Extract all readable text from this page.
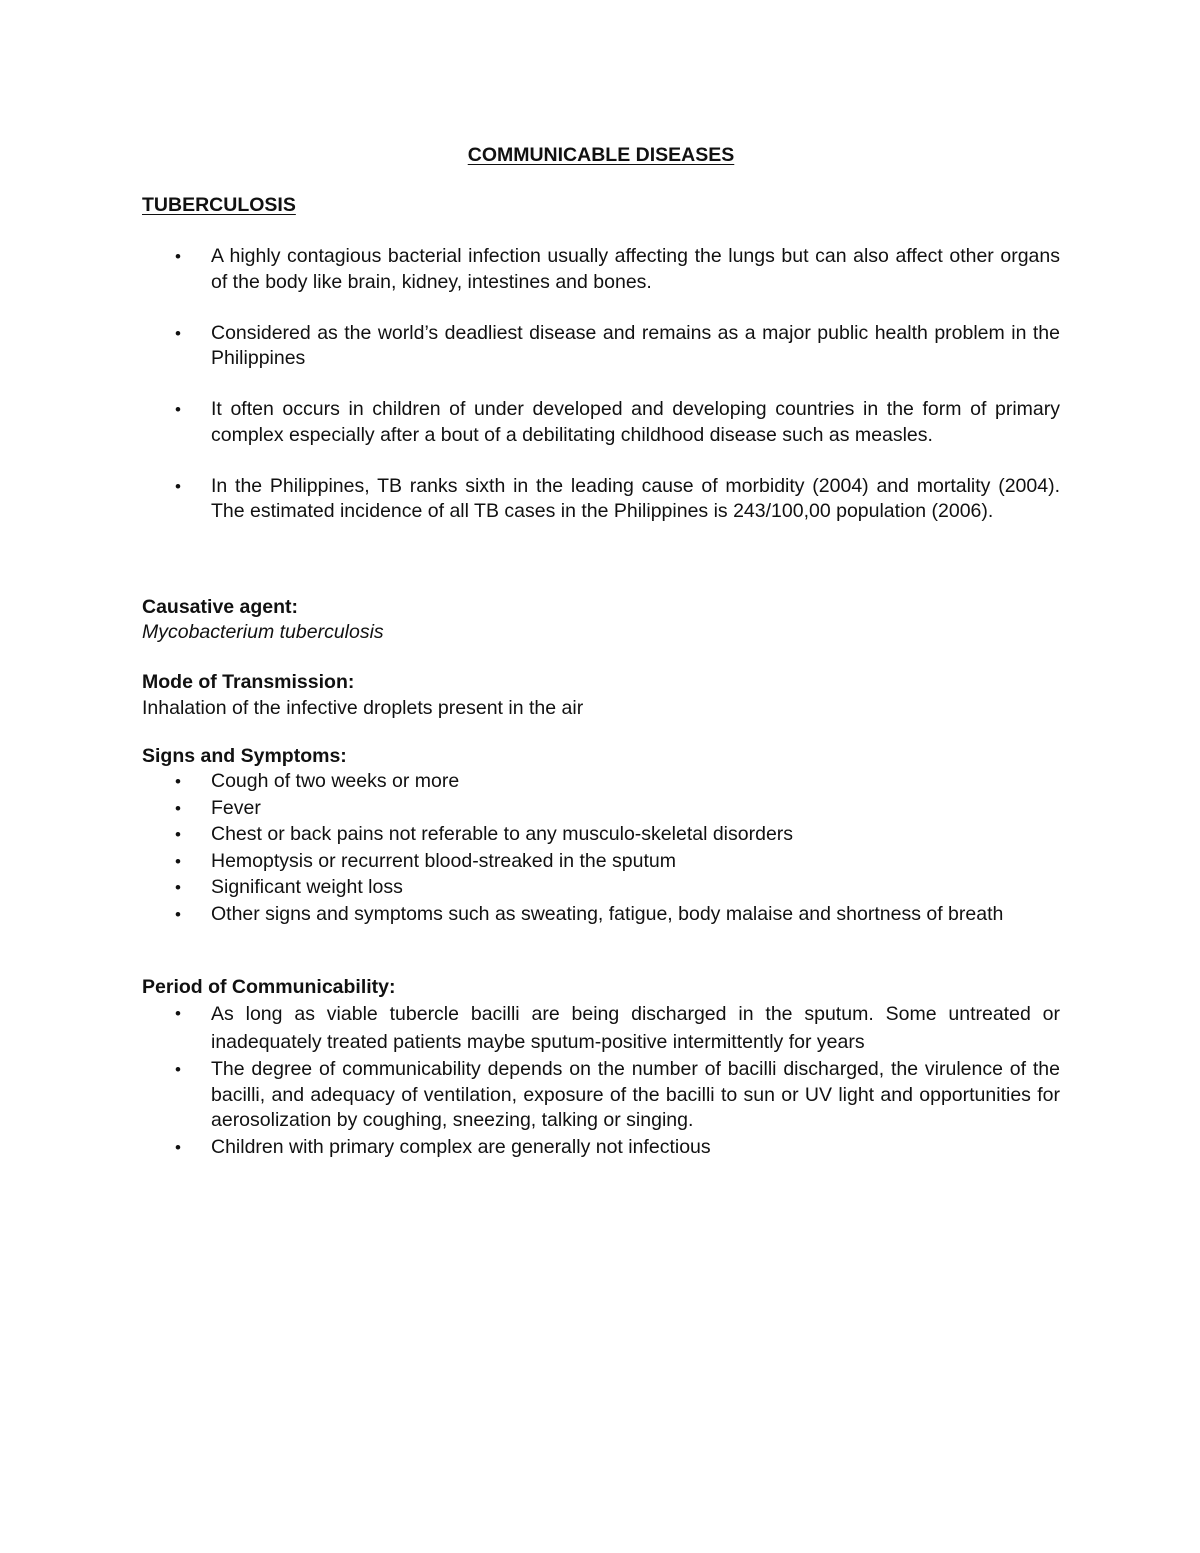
COMMUNICABLE DISEASES
TUBERCULOSIS
• A highly contagious bacterial infection usually affecting the lungs but can also affect other organs of the body like brain, kidney, intestines and bones.
• Considered as the world’s deadliest disease and remains as a major public health problem in the Philippines
• It often occurs in children of under developed and developing countries in the form of primary complex especially after a bout of a debilitating childhood disease such as measles.
• In the Philippines, TB ranks sixth in the leading cause of morbidity (2004) and mortality (2004). The estimated incidence of all TB cases in the Philippines is 243/100,00 population (2006).
Causative agent:
Mycobacterium tuberculosis
Mode of Transmission:
Inhalation of the infective droplets present in the air
Signs and Symptoms:
• Cough of two weeks or more
• Fever
• Chest or back pains not referable to any musculo-skeletal disorders
• Hemoptysis or recurrent blood-streaked in the sputum
• Significant weight loss
• Other signs and symptoms such as sweating, fatigue, body malaise and shortness of breath
Period of Communicability:
• As long as viable tubercle bacilli are being discharged in the sputum. Some untreated or inadequately treated patients maybe sputum-positive intermittently for years
• The degree of communicability depends on the number of bacilli discharged, the virulence of the bacilli, and adequacy of ventilation, exposure of the bacilli to sun or UV light and opportunities for aerosolization by coughing, sneezing, talking or singing.
• Children with primary complex are generally not infectious
